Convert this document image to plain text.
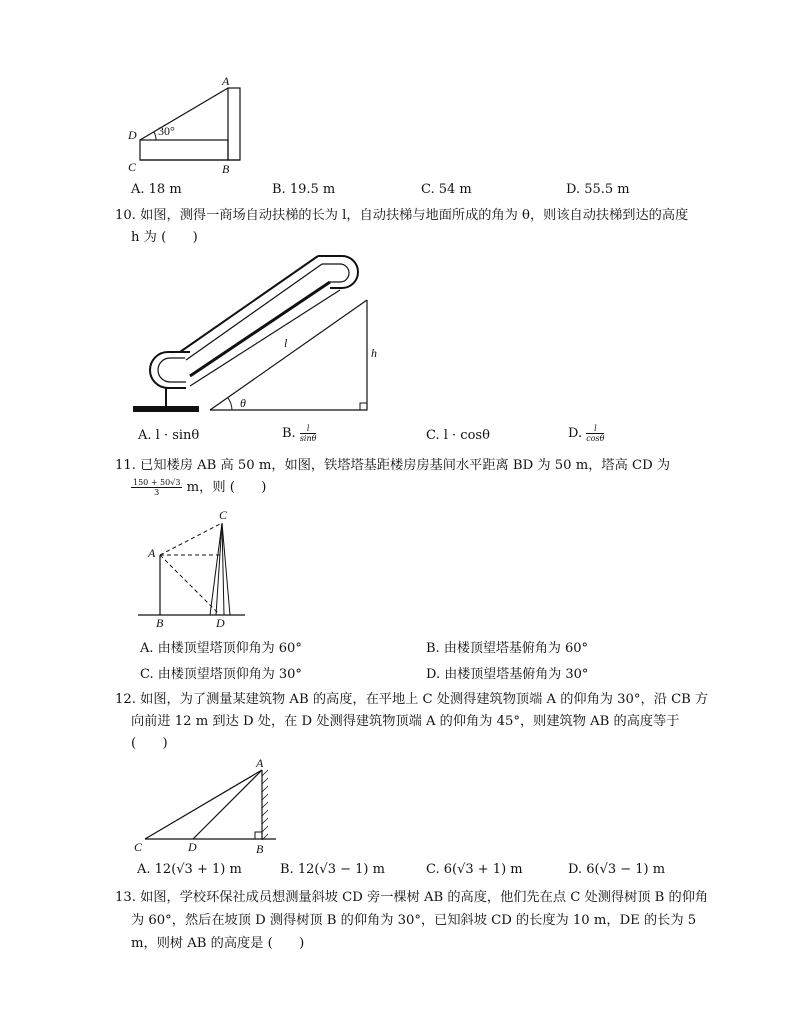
A
D 30°
C	B
A. 18 m	B. 19.5 m	C. 54 m	D. 55.5 m
10. 如图，测得一商场自动扶梯的长为 l，自动扶梯与地面所成的角为 θ，则该自动扶梯到达的高度
h 为 (　　)
l
h
θ
A. l · sinθ	B. $\frac{l}{\sin\theta}$	C. l · cosθ	D. $\frac{l}{\cos\theta}$
11. 已知楼房 AB 高 50 m，如图，铁塔塔基距楼房房基间水平距离 BD 为 50 m，塔高 CD 为
$\frac{150 + 50√3}{3}$ m，则 (　　)
C
A
B	D
A. 由楼顶望塔顶仰角为 60°	B. 由楼顶望塔基俯角为 60°
C. 由楼顶望塔顶仰角为 30°	D. 由楼顶望塔基俯角为 30°
12. 如图，为了测量某建筑物 AB 的高度，在平地上 C 处测得建筑物顶端 A 的仰角为 30°，沿 CB 方
向前进 12 m 到达 D 处，在 D 处测得建筑物顶端 A 的仰角为 45°，则建筑物 AB 的高度等于
(　　)
A
C	D	B
A. 12(√3 + 1) m	B. 12(√3 − 1) m	C. 6(√3 + 1) m	D. 6(√3 − 1) m
13. 如图，学校环保社成员想测量斜坡 CD 旁一棵树 AB 的高度，他们先在点 C 处测得树顶 B 的仰角
为 60°，然后在坡顶 D 测得树顶 B 的仰角为 30°，已知斜坡 CD 的长度为 10 m，DE 的长为 5
m，则树 AB 的高度是 (　　)
